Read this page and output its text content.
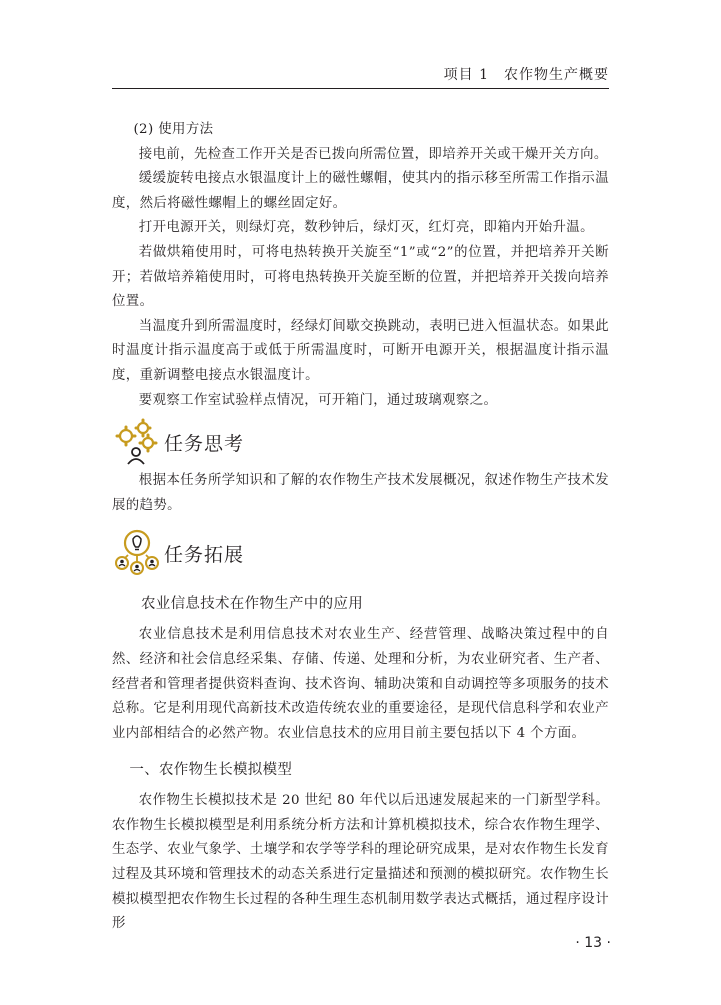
项目 1　农作物生产概要

(2) 使用方法

接电前，先检查工作开关是否已拨向所需位置，即培养开关或干燥开关方向。

缓缓旋转电接点水银温度计上的磁性螺帽，使其内的指示移至所需工作指示温度，然后将磁性螺帽上的螺丝固定好。

打开电源开关，则绿灯亮，数秒钟后，绿灯灭，红灯亮，即箱内开始升温。

若做烘箱使用时，可将电热转换开关旋至“1”或“2”的位置，并把培养开关断开；若做培养箱使用时，可将电热转换开关旋至断的位置，并把培养开关拨向培养位置。

当温度升到所需温度时，经绿灯间歇交换跳动，表明已进入恒温状态。如果此时温度计指示温度高于或低于所需温度时，可断开电源开关，根据温度计指示温度，重新调整电接点水银温度计。

要观察工作室试验样点情况，可开箱门，通过玻璃观察之。

任务思考

根据本任务所学知识和了解的农作物生产技术发展概况，叙述作物生产技术发展的趋势。

任务拓展
农业信息技术在作物生产中的应用

农业信息技术是利用信息技术对农业生产、经营管理、战略决策过程中的自然、经济和社会信息经采集、存储、传递、处理和分析，为农业研究者、生产者、经营者和管理者提供资料查询、技术咨询、辅助决策和自动调控等多项服务的技术总称。它是利用现代高新技术改造传统农业的重要途径，是现代信息科学和农业产业内部相结合的必然产物。农业信息技术的应用目前主要包括以下 4 个方面。

一、农作物生长模拟模型

农作物生长模拟技术是 20 世纪 80 年代以后迅速发展起来的一门新型学科。农作物生长模拟模型是利用系统分析方法和计算机模拟技术，综合农作物生理学、生态学、农业气象学、土壤学和农学等学科的理论研究成果，是对农作物生长发育过程及其环境和管理技术的动态关系进行定量描述和预测的模拟研究。农作物生长模拟模型把农作物生长过程的各种生理生态机制用数学表达式概括，通过程序设计形

· 13 ·
